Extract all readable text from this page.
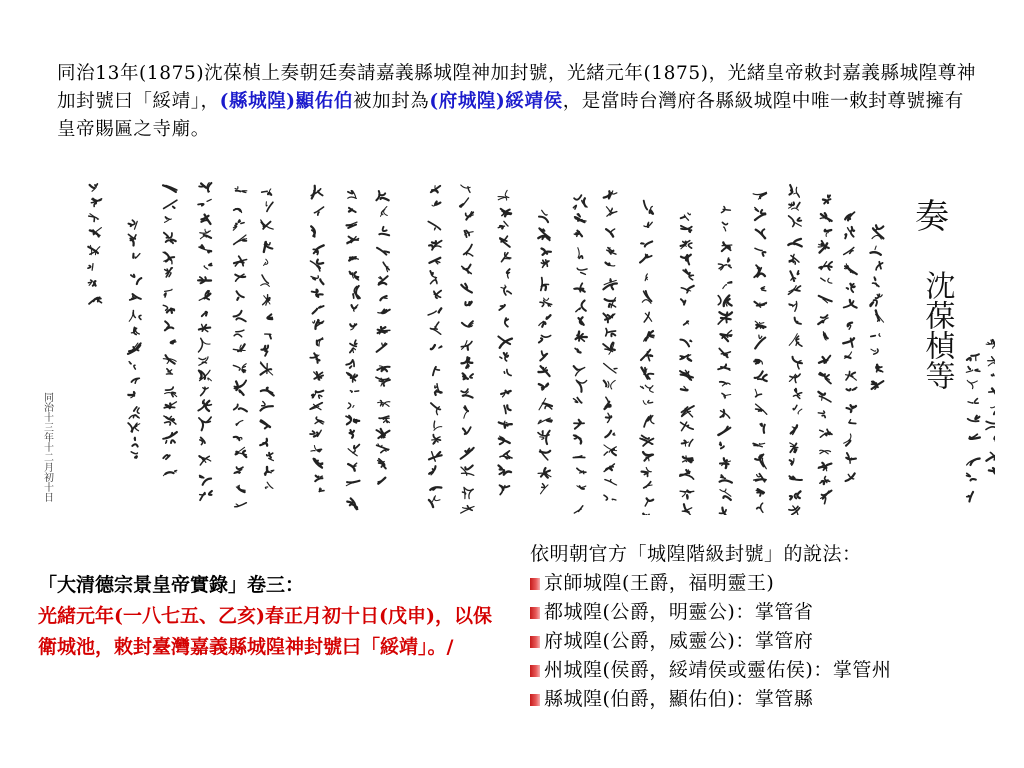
同治13年(1875)沈葆楨上奏朝廷奏請嘉義縣城隍神加封號，光緒元年(1875)，光緒皇帝敕封嘉義縣城隍尊神加封號曰「綏靖」，(縣城隍)顯佑伯被加封為(府城隍)綏靖侯，是當時台灣府各縣級城隍中唯一敕封尊號擁有皇帝賜匾之寺廟。
奏
沈葆楨等
同治十三年十二月初十日
「大清德宗景皇帝實錄」卷三：
光緒元年(一八七五、乙亥)春正月初十日(戊申)，以保衛城池，敕封臺灣嘉義縣城隍神封號曰「綏靖」。/
依明朝官方「城隍階級封號」的說法：
京師城隍(王爵，福明靈王)
都城隍(公爵，明靈公)：掌管省
府城隍(公爵，威靈公)：掌管府
州城隍(侯爵，綏靖侯或靈佑侯)：掌管州
縣城隍(伯爵，顯佑伯)：掌管縣
